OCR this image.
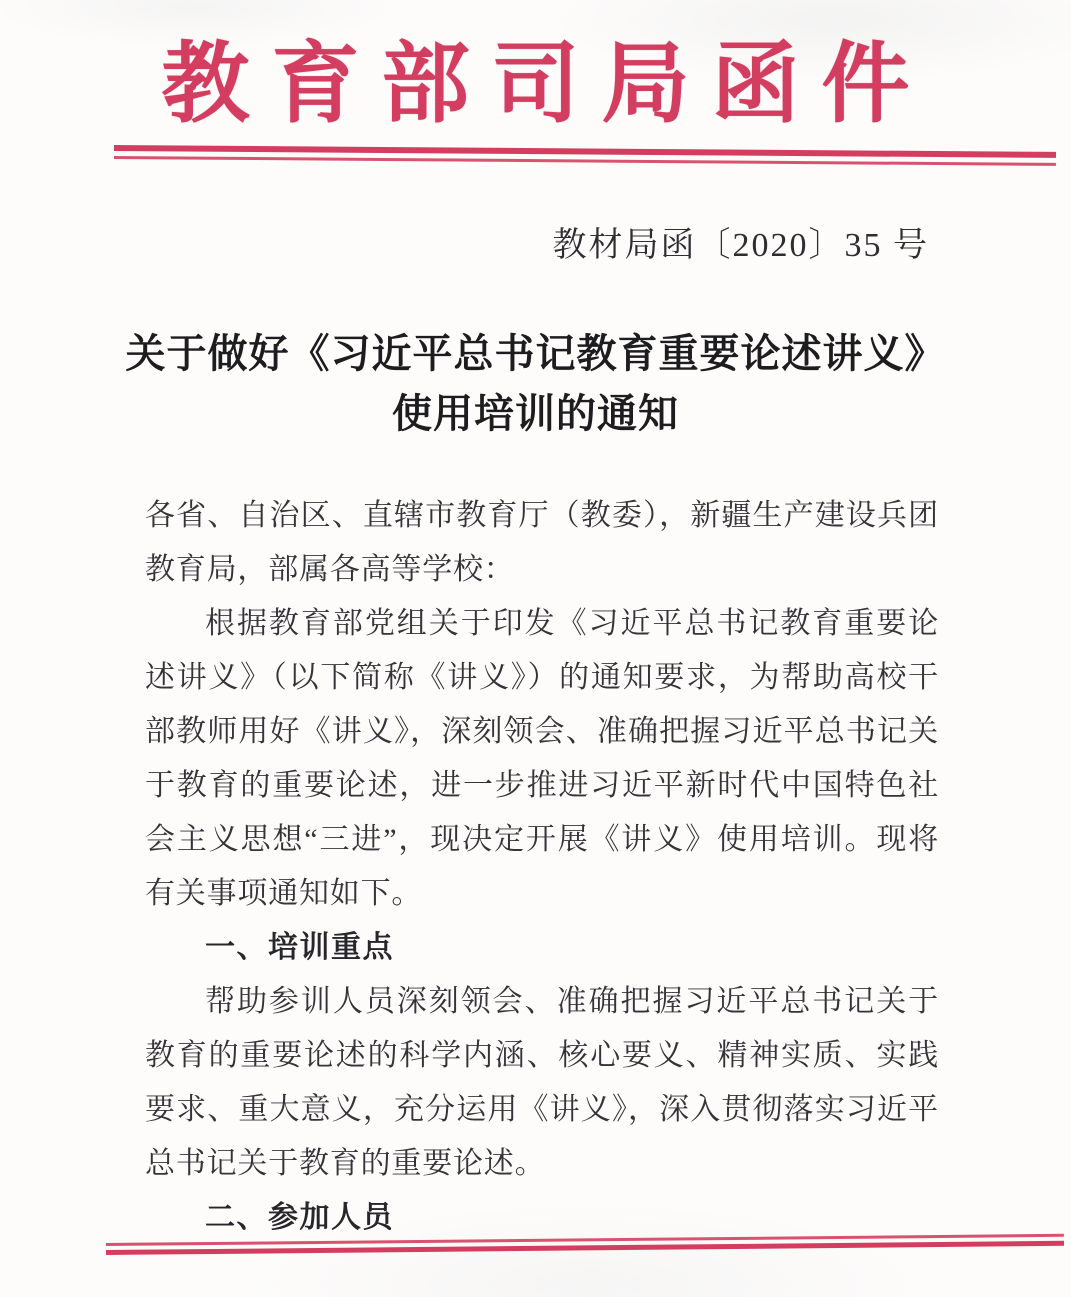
教育部司局函件
教材局函〔2020〕35 号
关于做好《习近平总书记教育重要论述讲义》
使用培训的通知

各省、自治区、直辖市教育厅（教委），新疆生产建设兵团教育局，部属各高等学校：

根据教育部党组关于印发《习近平总书记教育重要论述讲义》（以下简称《讲义》）的通知要求，为帮助高校干部教师用好《讲义》，深刻领会、准确把握习近平总书记关于教育的重要论述，进一步推进习近平新时代中国特色社会主义思想“三进”，现决定开展《讲义》使用培训。现将有关事项通知如下。

一、培训重点

帮助参训人员深刻领会、准确把握习近平总书记关于教育的重要论述的科学内涵、核心要义、精神实质、实践要求、重大意义，充分运用《讲义》，深入贯彻落实习近平总书记关于教育的重要论述。

二、参加人员
